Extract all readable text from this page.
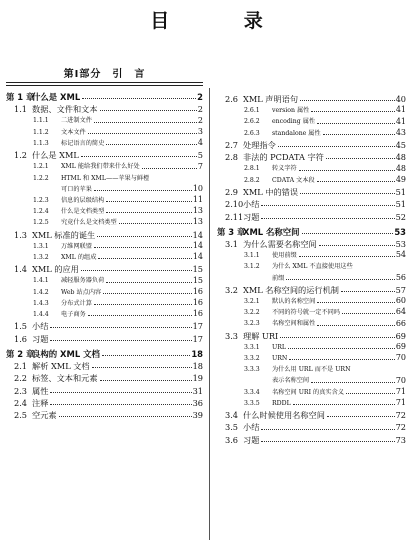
目 录
第Ⅰ部分　引　言
第 1 章
什么是 XML	2
1.1 数据、文件和文本	2
1.1.1	二进制文件	2
1.1.2	文本文件	3
1.1.3	标记语言的简史	4
1.2 什么是 XML	5
1.2.1	XML 能给我们带来什么好处	7
1.2.2	HTML 和 XML——苹果与鲜橙
可口的苹果	10
1.2.3	信息的层级结构	11
1.2.4	什么是文档类型	13
1.2.5	究竟什么是文档类型	13
1.3 XML 标准的诞生	14
1.3.1	万维网联盟	14
1.3.2	XML 的组成	14
1.4 XML 的应用	15
1.4.1	减轻服务器负荷	15
1.4.2	Web 站点内容	16
1.4.3	分布式计算	16
1.4.4	电子商务	16
1.5 小结	17
1.6 习题	17
第 2 章
良构的 XML 文档	18
2.1 解析 XML 文档	18
2.2 标签、文本和元素	19
2.3 属性	31
2.4 注释	36
2.5 空元素	39
2.6 XML 声明语句	40
2.6.1	version 属性	41
2.6.2	encoding 属性	41
2.6.3	standalone 属性	43
2.7 处理指令	45
2.8 非法的 PCDATA 字符	48
2.8.1	转义字符	48
2.8.2	CDATA 文本段	49
2.9 XML 中的错误	51
2.10 小结	51
2.11 习题	52
第 3 章
XML 名称空间	53
3.1 为什么需要名称空间	53
3.1.1	使用前缀	54
3.1.2	为什么 XML 不直接使用这些
前缀	56
3.2 XML 名称空间的运行机制	57
3.2.1	默认的名称空间	60
3.2.2	不同的符号就一定不同吗	64
3.2.3	名称空间和属性	66
3.3 理解 URI	69
3.3.1	URL	69
3.3.2	URN	70
3.3.3	为什么用 URL 而不是 URN
表示名称空间	70
3.3.4	名称空间 URI 的真实含义	71
3.3.5	RDDL	71
3.4 什么时候使用名称空间	72
3.5 小结	72
3.6 习题	73
